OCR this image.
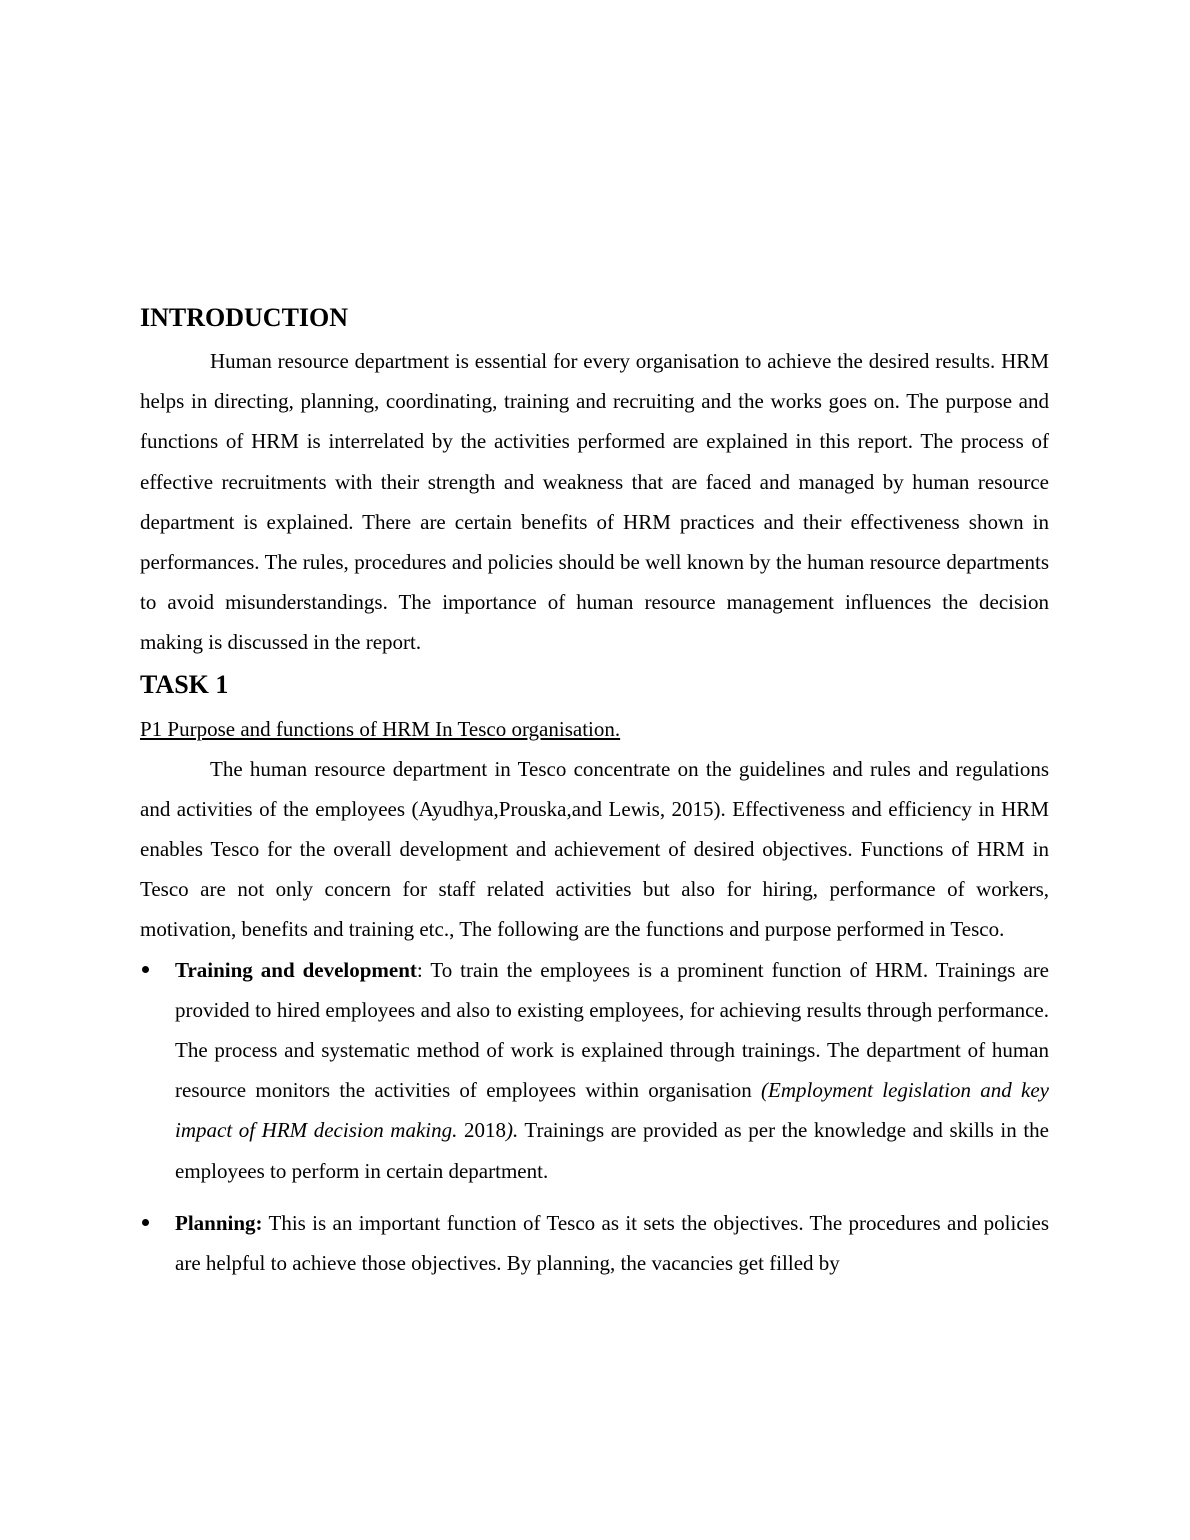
INTRODUCTION

Human resource department is essential for every organisation to achieve the desired results. HRM helps in directing, planning, coordinating, training and recruiting and the works goes on. The purpose and functions of HRM is interrelated by the activities performed are explained in this report. The process of effective recruitments with their strength and weakness that are faced and managed by human resource department is explained. There are certain benefits of HRM practices and their effectiveness shown in performances. The rules, procedures and policies should be well known by the human resource departments to avoid misunderstandings. The importance of human resource management influences the decision making is discussed in the report.

TASK 1
P1 Purpose and functions of HRM In Tesco organisation.

The human resource department in Tesco concentrate on the guidelines and rules and regulations and activities of the employees (Ayudhya,Prouska,and Lewis, 2015). Effectiveness and efficiency in HRM enables Tesco for the overall development and achievement of desired objectives. Functions of HRM in Tesco are not only concern for staff related activities but also for hiring, performance of workers, motivation, benefits and training etc., The following are the functions and purpose performed in Tesco.

Training and development: To train the employees is a prominent function of HRM. Trainings are provided to hired employees and also to existing employees, for achieving results through performance. The process and systematic method of work is explained through trainings. The department of human resource monitors the activities of employees within organisation (Employment legislation and key impact of HRM decision making. 2018). Trainings are provided as per the knowledge and skills in the employees to perform in certain department.
Planning: This is an important function of Tesco as it sets the objectives. The procedures and policies are helpful to achieve those objectives. By planning, the vacancies get filled by
